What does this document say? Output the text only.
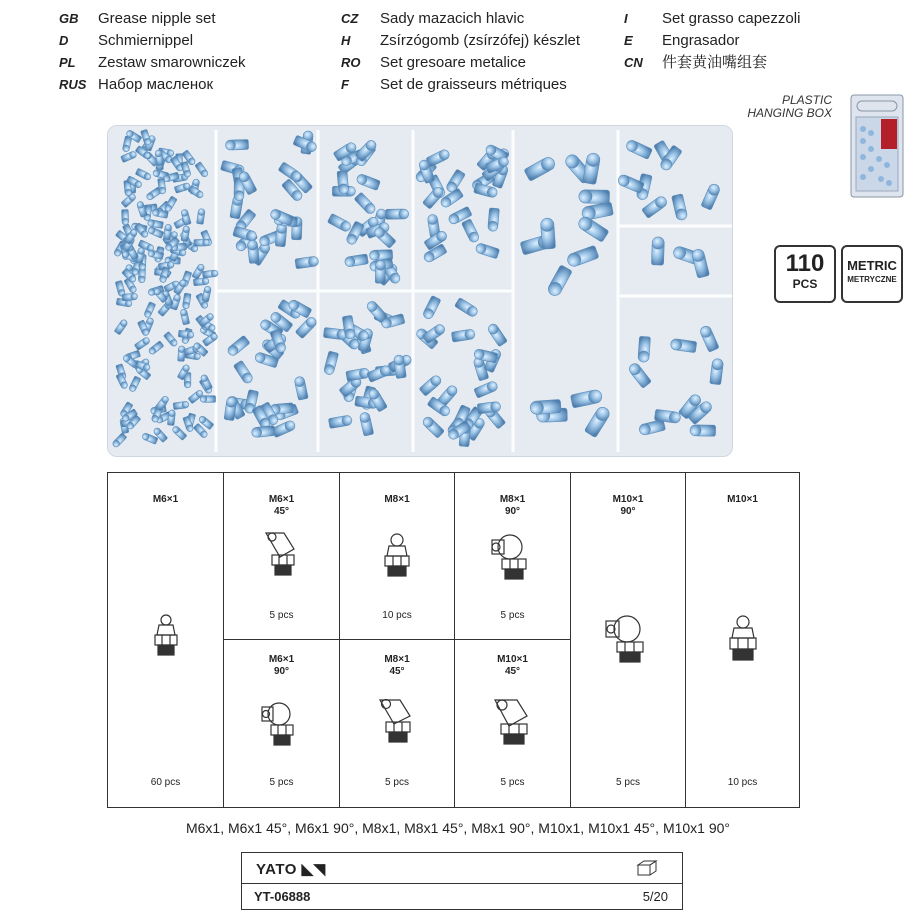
GB Grease nipple set
D Schmiernippel
PL Zestaw smarowniczek
RUS Набор масленок
CZ Sady mazacich hlavic
H Zsírzógomb (zsírzófej) készlet
RO Set gresoare metalice
F Set de graisseurs métriques
I Set grasso capezzoli
E Engrasador
CN 件套黄油嘴组套
PLASTIC
HANGING BOX
110
PCS
METRIC
METRYCZNE
M6×1
60 pcs
M6×1
45°
5 pcs
M8×1
10 pcs
M8×1
90°
5 pcs
M10×1
90°
5 pcs
M10×1
10 pcs
M6×1
90°
5 pcs
M8×1
45°
5 pcs
M10×1
45°
5 pcs
M6x1, M6x1 45°, M6x1 90°, M8x1, M8x1 45°, M8x1 90°, M10x1, M10x1 45°, M10x1 90°
YATO ◣◥
YT-06888	5/20
